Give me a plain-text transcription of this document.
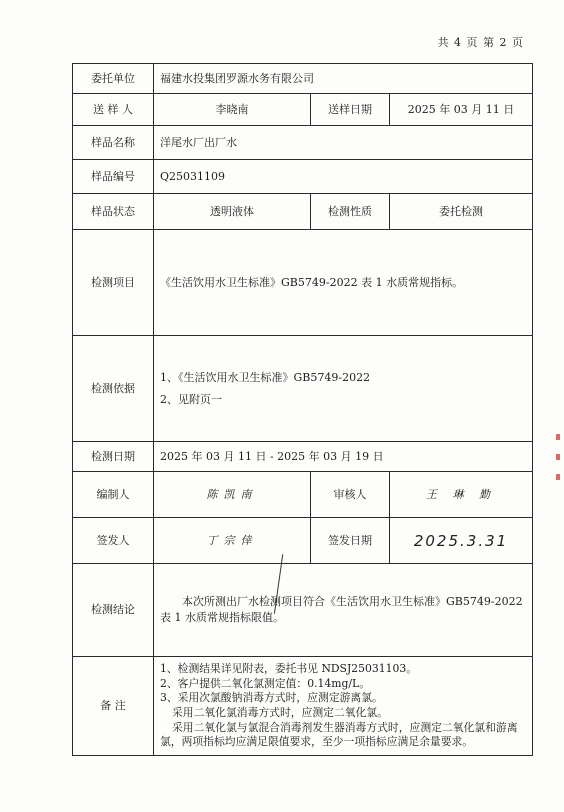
共 4 页 第 2 页
委托单位	福建水投集团罗源水务有限公司		
送 样 人	李晓南	送样日期	2025 年 03 月 11 日
样品名称	洋尾水厂出厂水		
样品编号	Q25031109		
样品状态	透明液体	检测性质	委托检测
检测项目	《生活饮用水卫生标准》GB5749-2022 表 1 水质常规指标。		
检测依据	1、《生活饮用水卫生标准》GB5749-2022
2、见附页一		

检测日期	2025 年 03 月 11 日 - 2025 年 03 月 19 日		
编制人	陈凯南	审核人	王 琳 勤
签发人	丁宗倖	签发日期	2025.3.31
检测结论	本次所测出厂水检测项目符合《生活饮用水卫生标准》GB5749-2022 表 1 水质常规指标限值。		
备 注	1、检测结果详见附表，委托书见 NDSJ25031103。
2、客户提供二氧化氯测定值：0.14mg/L。
3、采用次氯酸钠消毒方式时，应测定游离氯。
采用二氧化氯消毒方式时，应测定二氧化氯。
采用二氧化氯与氯混合消毒剂发生器消毒方式时，应测定二氧化氯和游离氯，两项指标均应满足限值要求，至少一项指标应满足余量要求。		
